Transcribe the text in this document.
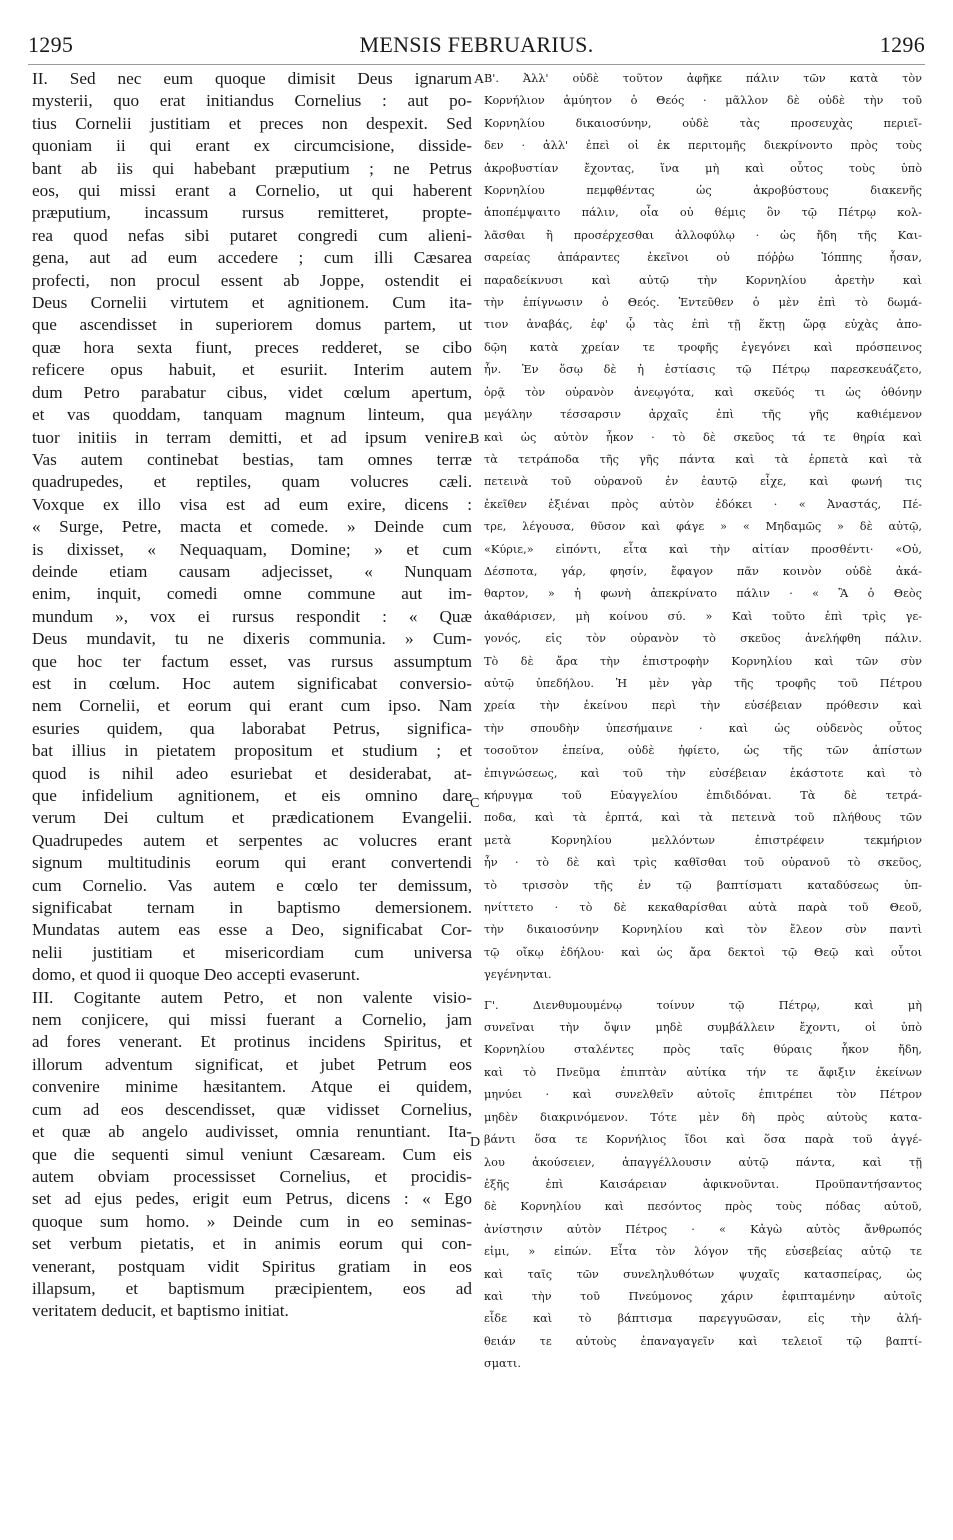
1295	MENSIS FEBRUARIUS.	1296

II. Sed nec eum quoque dimisit Deus ignarum

mysterii, quo erat initiandus Cornelius : aut po-

tius Cornelii justitiam et preces non despexit. Sed

quoniam ii qui erant ex circumcisione, disside-

bant ab iis qui habebant præputium ; ne Petrus

eos, qui missi erant a Cornelio, ut qui haberent

præputium, incassum rursus remitteret, propte-

rea quod nefas sibi putaret congredi cum alieni-

gena, aut ad eum accedere ; cum illi Cæsarea

profecti, non procul essent ab Joppe, ostendit ei

Deus Cornelii virtutem et agnitionem. Cum ita-

que ascendisset in superiorem domus partem, ut

quæ hora sexta fiunt, preces redderet, se cibo

reficere opus habuit, et esuriit. Interim autem

dum Petro parabatur cibus, videt cœlum apertum,

et vas quoddam, tanquam magnum linteum, qua

tuor initiis in terram demitti, et ad ipsum venire.

Vas autem continebat bestias, tam omnes terræ

quadrupedes, et reptiles, quam volucres cæli.

Voxque ex illo visa est ad eum exire, dicens :

« Surge, Petre, macta et comede. » Deinde cum

is dixisset, « Nequaquam, Domine; » et cum

deinde etiam causam adjecisset, « Nunquam

enim, inquit, comedi omne commune aut im-

mundum », vox ei rursus respondit : « Quæ

Deus mundavit, tu ne dixeris communia. » Cum-

que hoc ter factum esset, vas rursus assumptum

est in cœlum. Hoc autem significabat conversio-

nem Cornelii, et eorum qui erant cum ipso. Nam

esuries quidem, qua laborabat Petrus, significa-

bat illius in pietatem propositum et studium ; et

quod is nihil adeo esuriebat et desiderabat, at-

que infidelium agnitionem, et eis omnino dare

verum Dei cultum et prædicationem Evangelii.

Quadrupedes autem et serpentes ac volucres erant

signum multitudinis eorum qui erant convertendi

cum Cornelio. Vas autem e cœlo ter demissum,

significabat ternam in baptismo demersionem.

Mundatas autem eas esse a Deo, significabat Cor-

nelii justitiam et misericordiam cum universa

domo, et quod ii quoque Deo accepti evaserunt.

III. Cogitante autem Petro, et non valente visio-

nem conjicere, qui missi fuerant a Cornelio, jam

ad fores venerant. Et protinus incidens Spiritus, et

illorum adventum significat, et jubet Petrum eos

convenire minime hæsitantem. Atque ei quidem,

cum ad eos descendisset, quæ vidisset Cornelius,

et quæ ab angelo audivisset, omnia renuntiant. Ita-

que die sequenti simul veniunt Cæsaream. Cum eis

autem obviam processisset Cornelius, et procidis-

set ad ejus pedes, erigit eum Petrus, dicens : « Ego

quoque sum homo. » Deinde cum in eo seminas-

set verbum pietatis, et in animis eorum qui con-

venerant, postquam vidit Spiritus gratiam in eos

illapsum, et baptismum præcipientem, eos ad

veritatem deducit, et baptismo initiat.

Β'. Ἀλλ' οὐδὲ τοῦτον ἀφῆκε πάλιν τῶν κατὰ τὸν

Κορνήλιον ἀμύητον ὁ Θεός · μᾶλλον δὲ οὐδὲ τὴν τοῦ

Κορνηλίου δικαιοσύνην, οὐδὲ τὰς προσευχὰς περιεῖ-

δεν · ἀλλ' ἐπεὶ οἱ ἐκ περιτομῆς διεκρίνοντο πρὸς τοὺς

ἀκροβυστίαν ἔχοντας, ἵνα μὴ καὶ οὗτος τοὺς ὑπὸ

Κορνηλίου πεμφθέντας ὡς ἀκροβύστους διακενῆς

ἀποπέμψαιτο πάλιν, οἷα οὐ θέμις ὂν τῷ Πέτρῳ κολ-

λᾶσθαι ἢ προσέρχεσθαι ἀλλοφύλῳ · ὡς ἤδη τῆς Και-

σαρείας ἀπάραντες ἐκεῖνοι οὐ πόῤῥω Ἰόππης ἦσαν,

παραδείκνυσι καὶ αὐτῷ τὴν Κορνηλίου ἀρετὴν καὶ

τὴν ἐπίγνωσιν ὁ Θεός. Ἐντεῦθεν ὁ μὲν ἐπὶ τὸ δωμά-

τιον ἀναβάς, ἐφ' ᾧ τὰς ἐπὶ τῇ ἕκτῃ ὥρᾳ εὐχὰς ἀπο-

δῷη κατὰ χρείαν τε τροφῆς ἐγεγόνει καὶ πρόσπεινος

ἦν. Ἐν ὅσῳ δὲ ἡ ἑστίασις τῷ Πέτρῳ παρεσκευάζετο,

ὁρᾷ τὸν οὐρανὸν ἀνεῳγότα, καὶ σκεῦός τι ὡς ὀθόνην

μεγάλην τέσσαρσιν ἀρχαῖς ἐπὶ τῆς γῆς καθιέμενον

καὶ ὡς αὐτὸν ἧκον · τὸ δὲ σκεῦος τά τε θηρία καὶ

τὰ τετράποδα τῆς γῆς πάντα καὶ τὰ ἑρπετὰ καὶ τὰ

πετεινὰ τοῦ οὐρανοῦ ἐν ἑαυτῷ εἶχε, καὶ φωνή τις

ἐκεῖθεν ἐξιέναι πρὸς αὐτὸν ἐδόκει · « Ἀναστάς, Πέ-

τρε, λέγουσα, θῦσον καὶ φάγε » « Μηδαμῶς » δὲ αὐτῷ,

«Κύριε,» εἰπόντι, εἶτα καὶ τὴν αἰτίαν προσθέντι· «Οὐ,

Δέσποτα, γάρ, φησίν, ἔφαγον πᾶν κοινὸν οὐδὲ ἀκά-

θαρτον, » ἡ φωνὴ ἀπεκρίνατο πάλιν · « Ἃ ὁ Θεὸς

ἀκαθάρισεν, μὴ κοίνου σύ. » Καὶ τοῦτο ἐπὶ τρὶς γε-

γονός, εἰς τὸν οὐρανὸν τὸ σκεῦος ἀνελήφθη πάλιν.

Τὸ δὲ ἄρα τὴν ἐπιστροφὴν Κορνηλίου καὶ τῶν σὺν

αὐτῷ ὑπεδήλου. Ἡ μὲν γὰρ τῆς τροφῆς τοῦ Πέτρου

χρεία τὴν ἐκείνου περὶ τὴν εὐσέβειαν πρόθεσιν καὶ

τὴν σπουδὴν ὑπεσήμαινε · καὶ ὡς οὐδενὸς οὗτος

τοσοῦτον ἐπείνα, οὐδὲ ἠφίετο, ὡς τῆς τῶν ἀπίστων

ἐπιγνώσεως, καὶ τοῦ τὴν εὐσέβειαν ἑκάστοτε καὶ τὸ

κήρυγμα τοῦ Εὐαγγελίου ἐπιδιδόναι. Τὰ δὲ τετρά-

ποδα, καὶ τὰ ἑρπτά, καὶ τὰ πετεινὰ τοῦ πλήθους τῶν

μετὰ Κορνηλίου μελλόντων ἐπιστρέφειν τεκμήριον

ἦν · τὸ δὲ καὶ τρὶς καθῖσθαι τοῦ οὐρανοῦ τὸ σκεῦος,

τὸ τρισσὸν τῆς ἐν τῷ βαπτίσματι καταδύσεως ὑπ-

ηνίττετο · τὸ δὲ κεκαθαρίσθαι αὐτὰ παρὰ τοῦ Θεοῦ,

τὴν δικαιοσύνην Κορνηλίου καὶ τὸν ἔλεον σὺν παντὶ

τῷ οἴκῳ ἐδήλου· καὶ ὡς ἄρα δεκτοὶ τῷ Θεῷ καὶ οὗτοι

γεγένηνται.

Γ'. Διενθυμουμένῳ τοίνυν τῷ Πέτρῳ, καὶ μὴ

συνεῖναι τὴν ὄψιν μηδὲ συμβάλλειν ἔχοντι, οἱ ὑπὸ

Κορνηλίου σταλέντες πρὸς ταῖς θύραις ἧκον ἤδη,

καὶ τὸ Πνεῦμα ἐπιπτὰν αὐτίκα τήν τε ἄφιξιν ἐκείνων

μηνύει · καὶ συνελθεῖν αὐτοῖς ἐπιτρέπει τὸν Πέτρον

μηδὲν διακρινόμενον. Τότε μὲν δὴ πρὸς αὐτοὺς κατα-

βάντι ὅσα τε Κορνήλιος ἴδοι καὶ ὅσα παρὰ τοῦ ἀγγέ-

λου ἀκούσειεν, ἀπαγγέλλουσιν αὐτῷ πάντα, καὶ τῇ

ἑξῆς ἐπὶ Καισάρειαν ἀφικνοῦνται. Προϋπαντήσαντος

δὲ Κορνηλίου καὶ πεσόντος πρὸς τοὺς πόδας αὐτοῦ,

ἀνίστησιν αὐτὸν Πέτρος · « Κἀγὼ αὐτὸς ἄνθρωπός

εἰμι, » εἰπών. Εἶτα τὸν λόγον τῆς εὐσεβείας αὐτῷ τε

καὶ ταῖς τῶν συνεληλυθότων ψυχαῖς κατασπείρας, ὡς

καὶ τὴν τοῦ Πνεύμονος χάριν ἐφιπταμένην αὐτοῖς

εἶδε καὶ τὸ βάπτισμα παρεγγυῶσαν, εἰς τὴν ἀλή-

θειάν τε αὐτοὺς ἐπαναγαγεῖν καὶ τελειοῖ τῷ βαπτί-

σματι.

A
B
C
D
